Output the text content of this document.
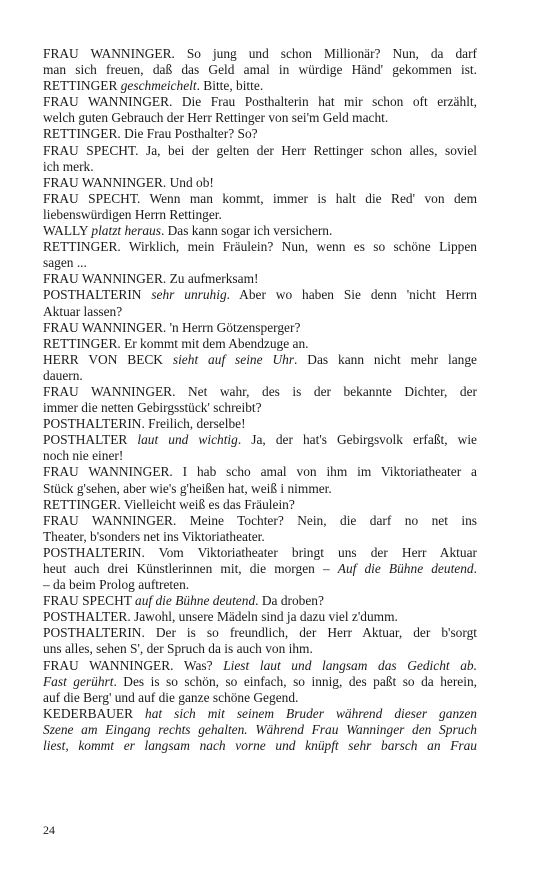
FRAU WANNINGER. So jung und schon Millionär? Nun, da darf
man sich freuen, daß das Geld amal in würdige Händ' gekommen ist.
RETTINGER geschmeichelt. Bitte, bitte.
FRAU WANNINGER. Die Frau Posthalterin hat mir schon oft erzählt,
welch guten Gebrauch der Herr Rettinger von sei'm Geld macht.
RETTINGER. Die Frau Posthalter? So?
FRAU SPECHT. Ja, bei der gelten der Herr Rettinger schon alles, soviel
ich merk.
FRAU WANNINGER. Und ob!
FRAU SPECHT. Wenn man kommt, immer is halt die Red' von dem
liebenswürdigen Herrn Rettinger.
WALLY platzt heraus. Das kann sogar ich versichern.
RETTINGER. Wirklich, mein Fräulein? Nun, wenn es so schöne Lippen
sagen ...
FRAU WANNINGER. Zu aufmerksam!
POSTHALTERIN sehr unruhig. Aber wo haben Sie denn 'nicht Herrn
Aktuar lassen?
FRAU WANNINGER. 'n Herrn Götzensperger?
RETTINGER. Er kommt mit dem Abendzuge an.
HERR VON BECK sieht auf seine Uhr. Das kann nicht mehr lange
dauern.
FRAU WANNINGER. Net wahr, des is der bekannte Dichter, der
immer die netten Gebirgsstück' schreibt?
POSTHALTERIN. Freilich, derselbe!
POSTHALTER laut und wichtig. Ja, der hat's Gebirgsvolk erfaßt, wie
noch nie einer!
FRAU WANNINGER. I hab scho amal von ihm im Viktoriatheater a
Stück g'sehen, aber wie's g'heißen hat, weiß i nimmer.
RETTINGER. Vielleicht weiß es das Fräulein?
FRAU WANNINGER. Meine Tochter? Nein, die darf no net ins
Theater, b'sonders net ins Viktoriatheater.
POSTHALTERIN. Vom Viktoriatheater bringt uns der Herr Aktuar
heut auch drei Künstlerinnen mit, die morgen – Auf die Bühne deutend.
– da beim Prolog auftreten.
FRAU SPECHT auf die Bühne deutend. Da droben?
POSTHALTER. Jawohl, unsere Mädeln sind ja dazu viel z'dumm.
POSTHALTERIN. Der is so freundlich, der Herr Aktuar, der b'sorgt
uns alles, sehen S', der Spruch da is auch von ihm.
FRAU WANNINGER. Was? Liest laut und langsam das Gedicht ab.
Fast gerührt. Des is so schön, so einfach, so innig, des paßt so da herein,
auf die Berg' und auf die ganze schöne Gegend.
KEDERBAUER hat sich mit seinem Bruder während dieser ganzen
Szene am Eingang rechts gehalten. Während Frau Wanninger den Spruch
liest, kommt er langsam nach vorne und knüpft sehr barsch an Frau
24
